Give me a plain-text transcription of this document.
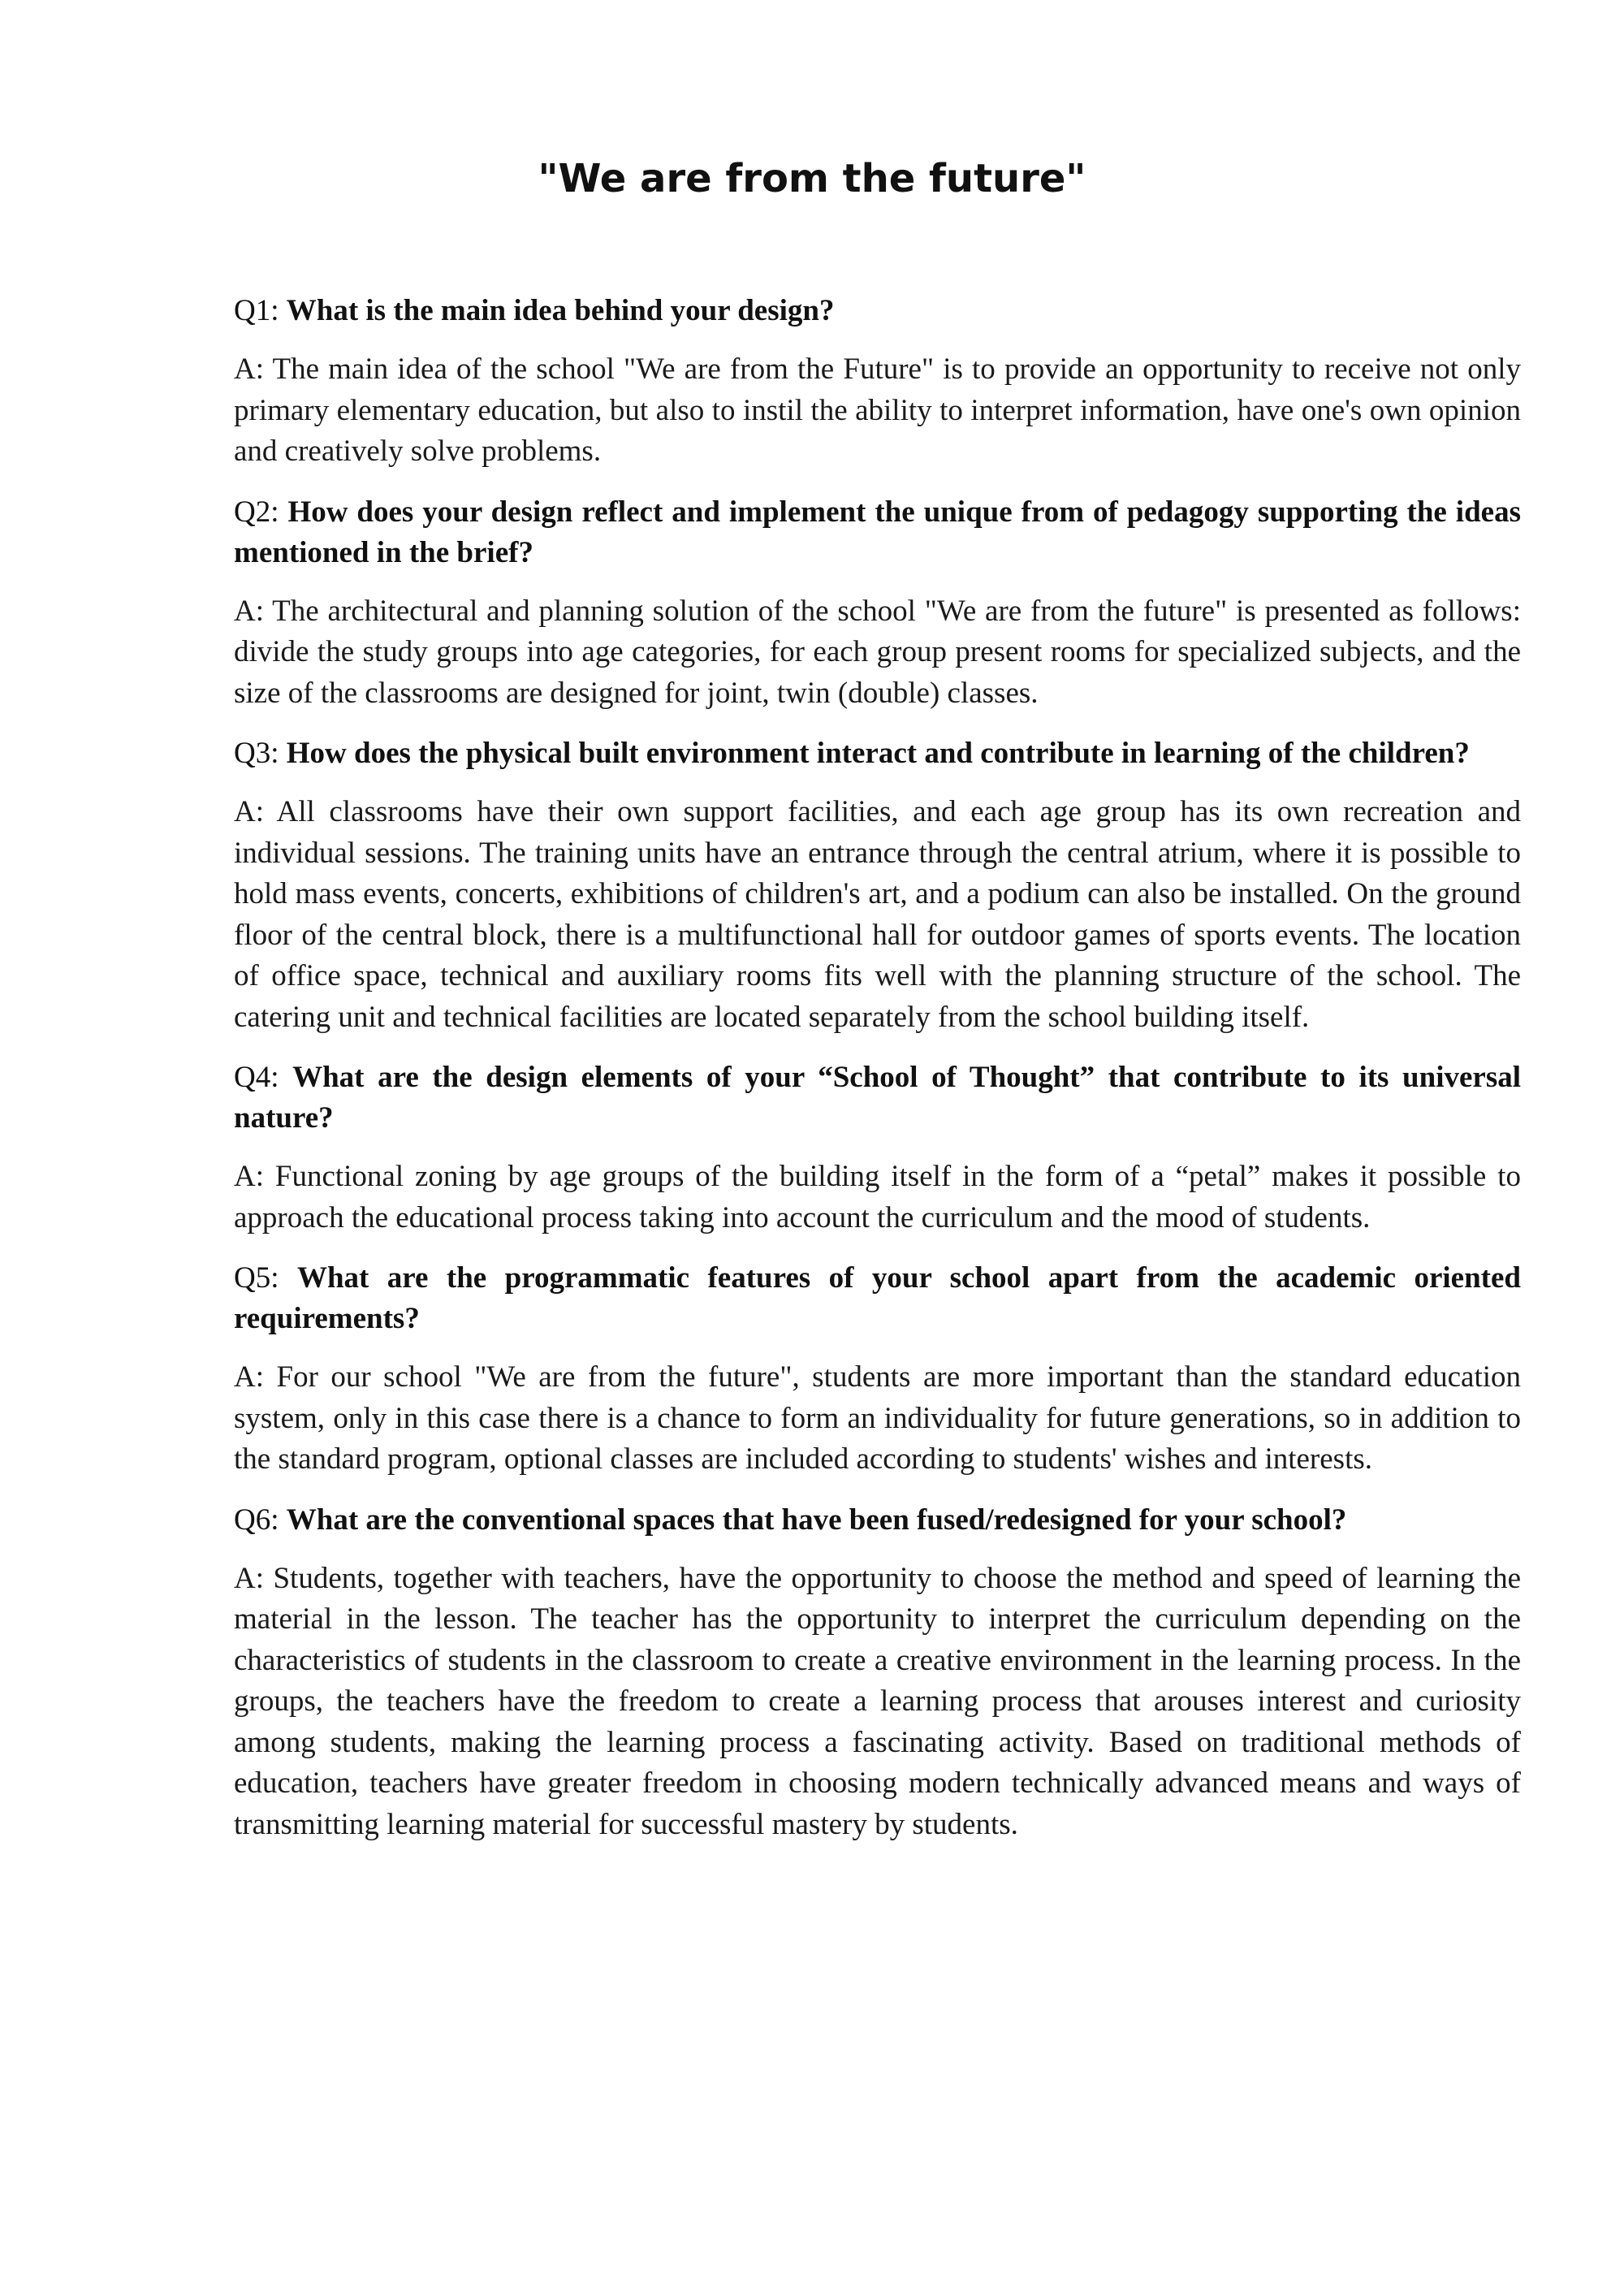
"We are from the future"

Q1: What is the main idea behind your design?

A: The main idea of the school "We are from the Future" is to provide an opportunity to receive not only primary elementary education, but also to instil the ability to interpret information, have one's own opinion and creatively solve problems.

Q2: How does your design reflect and implement the unique from of pedagogy supporting the ideas mentioned in the brief?

A: The architectural and planning solution of the school "We are from the future" is presented as follows: divide the study groups into age categories, for each group present rooms for specialized subjects, and the size of the classrooms are designed for joint, twin (double) classes.

Q3: How does the physical built environment interact and contribute in learning of the children?

A: All classrooms have their own support facilities, and each age group has its own recreation and individual sessions. The training units have an entrance through the central atrium, where it is possible to hold mass events, concerts, exhibitions of children's art, and a podium can also be installed. On the ground floor of the central block, there is a multifunctional hall for outdoor games of sports events. The location of office space, technical and auxiliary rooms fits well with the planning structure of the school. The catering unit and technical facilities are located separately from the school building itself.

Q4: What are the design elements of your “School of Thought” that contribute to its universal nature?

A: Functional zoning by age groups of the building itself in the form of a “petal” makes it possible to approach the educational process taking into account the curriculum and the mood of students.

Q5: What are the programmatic features of your school apart from the academic oriented requirements?

A: For our school "We are from the future", students are more important than the standard education system, only in this case there is a chance to form an individuality for future generations, so in addition to the standard program, optional classes are included according to students' wishes and interests.

Q6: What are the conventional spaces that have been fused/redesigned for your school?

A: Students, together with teachers, have the opportunity to choose the method and speed of learning the material in the lesson. The teacher has the opportunity to interpret the curriculum depending on the characteristics of students in the classroom to create a creative environment in the learning process. In the groups, the teachers have the freedom to create a learning process that arouses interest and curiosity among students, making the learning process a fascinating activity. Based on traditional methods of education, teachers have greater freedom in choosing modern technically advanced means and ways of transmitting learning material for successful mastery by students.
